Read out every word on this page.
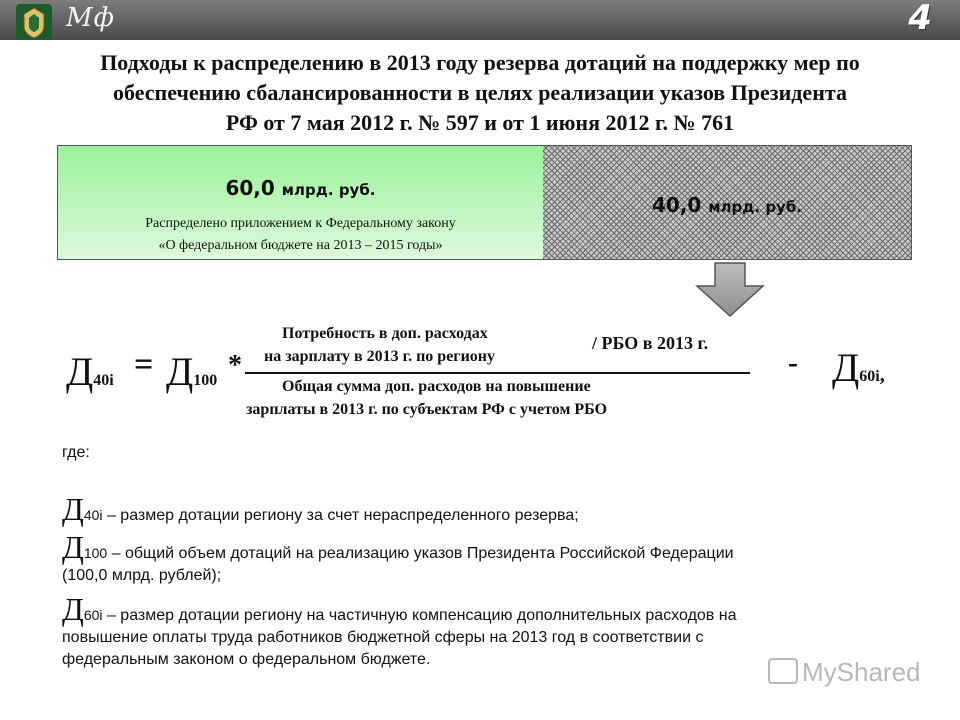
Мф	4
Подходы к распределению в 2013 году резерва дотаций на поддержку мер по
обеспечению сбалансированности в целях реализации указов Президента
РФ от 7 мая 2012 г. № 597 и от 1 июня 2012 г. № 761
60,0 млрд. руб.
Распределено приложением к Федеральному закону
«О федеральном бюджете на 2013 – 2015 годы»
40,0 млрд. руб.
Д40i = Д100 *
Потребность в доп. расходах
на зарплату в 2013 г. по региону
/ РБО в 2013 г.
Общая сумма доп. расходов на повышение
зарплаты в 2013 г. по субъектам РФ с учетом РБО
- Д60i,
где:
Д40i – размер дотации региону за счет нераспределенного резерва;
Д100 – общий объем дотаций на реализацию указов Президента Российской Федерации
(100,0 млрд. рублей);
Д60i – размер дотации региону на частичную компенсацию дополнительных расходов на
повышение оплаты труда работников бюджетной сферы на 2013 год в соответствии с
федеральным законом о федеральном бюджете.	MyShared
